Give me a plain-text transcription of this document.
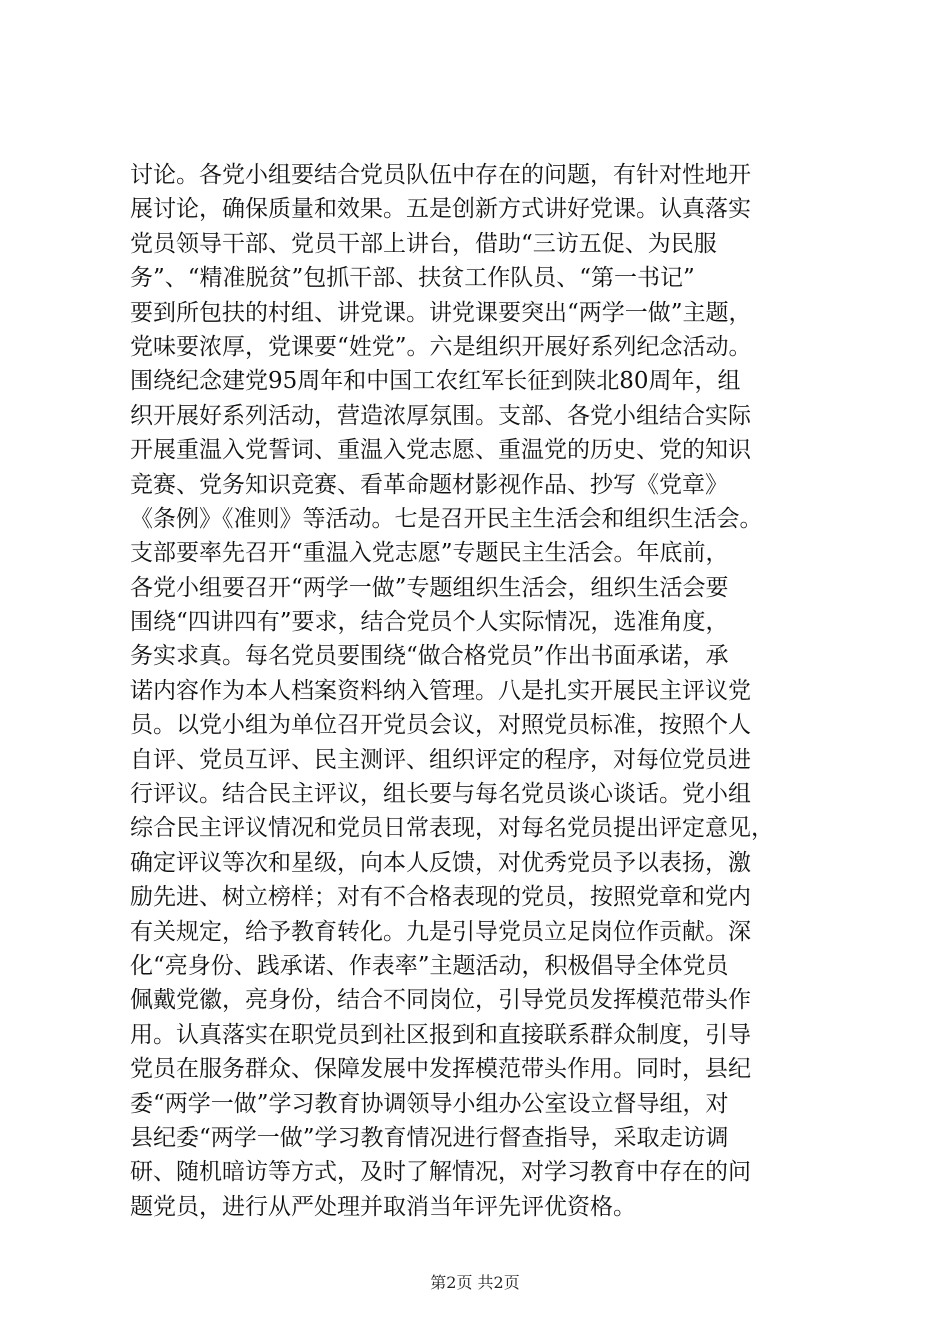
讨论。各党小组要结合党员队伍中存在的问题，有针对性地开
展讨论，确保质量和效果。五是创新方式讲好党课。认真落实
党员领导干部、党员干部上讲台，借助“三访五促、为民服
务”、“精准脱贫”包抓干部、扶贫工作队员、“第一书记”
要到所包扶的村组、讲党课。讲党课要突出“两学一做”主题，
党味要浓厚，党课要“姓党”。六是组织开展好系列纪念活动。
围绕纪念建党95周年和中国工农红军长征到陕北80周年，组
织开展好系列活动，营造浓厚氛围。支部、各党小组结合实际
开展重温入党誓词、重温入党志愿、重温党的历史、党的知识
竞赛、党务知识竞赛、看革命题材影视作品、抄写《党章》
《条例》《准则》等活动。七是召开民主生活会和组织生活会。
支部要率先召开“重温入党志愿”专题民主生活会。年底前，
各党小组要召开“两学一做”专题组织生活会，组织生活会要
围绕“四讲四有”要求，结合党员个人实际情况，选准角度，
务实求真。每名党员要围绕“做合格党员”作出书面承诺，承
诺内容作为本人档案资料纳入管理。八是扎实开展民主评议党
员。以党小组为单位召开党员会议，对照党员标准，按照个人
自评、党员互评、民主测评、组织评定的程序，对每位党员进
行评议。结合民主评议，组长要与每名党员谈心谈话。党小组
综合民主评议情况和党员日常表现，对每名党员提出评定意见，
确定评议等次和星级，向本人反馈，对优秀党员予以表扬，激
励先进、树立榜样；对有不合格表现的党员，按照党章和党内
有关规定，给予教育转化。九是引导党员立足岗位作贡献。深
化“亮身份、践承诺、作表率”主题活动，积极倡导全体党员
佩戴党徽，亮身份，结合不同岗位，引导党员发挥模范带头作
用。认真落实在职党员到社区报到和直接联系群众制度，引导
党员在服务群众、保障发展中发挥模范带头作用。同时，县纪
委“两学一做”学习教育协调领导小组办公室设立督导组，对
县纪委“两学一做”学习教育情况进行督查指导，采取走访调
研、随机暗访等方式，及时了解情况，对学习教育中存在的问
题党员，进行从严处理并取消当年评先评优资格。
第2页 共2页
